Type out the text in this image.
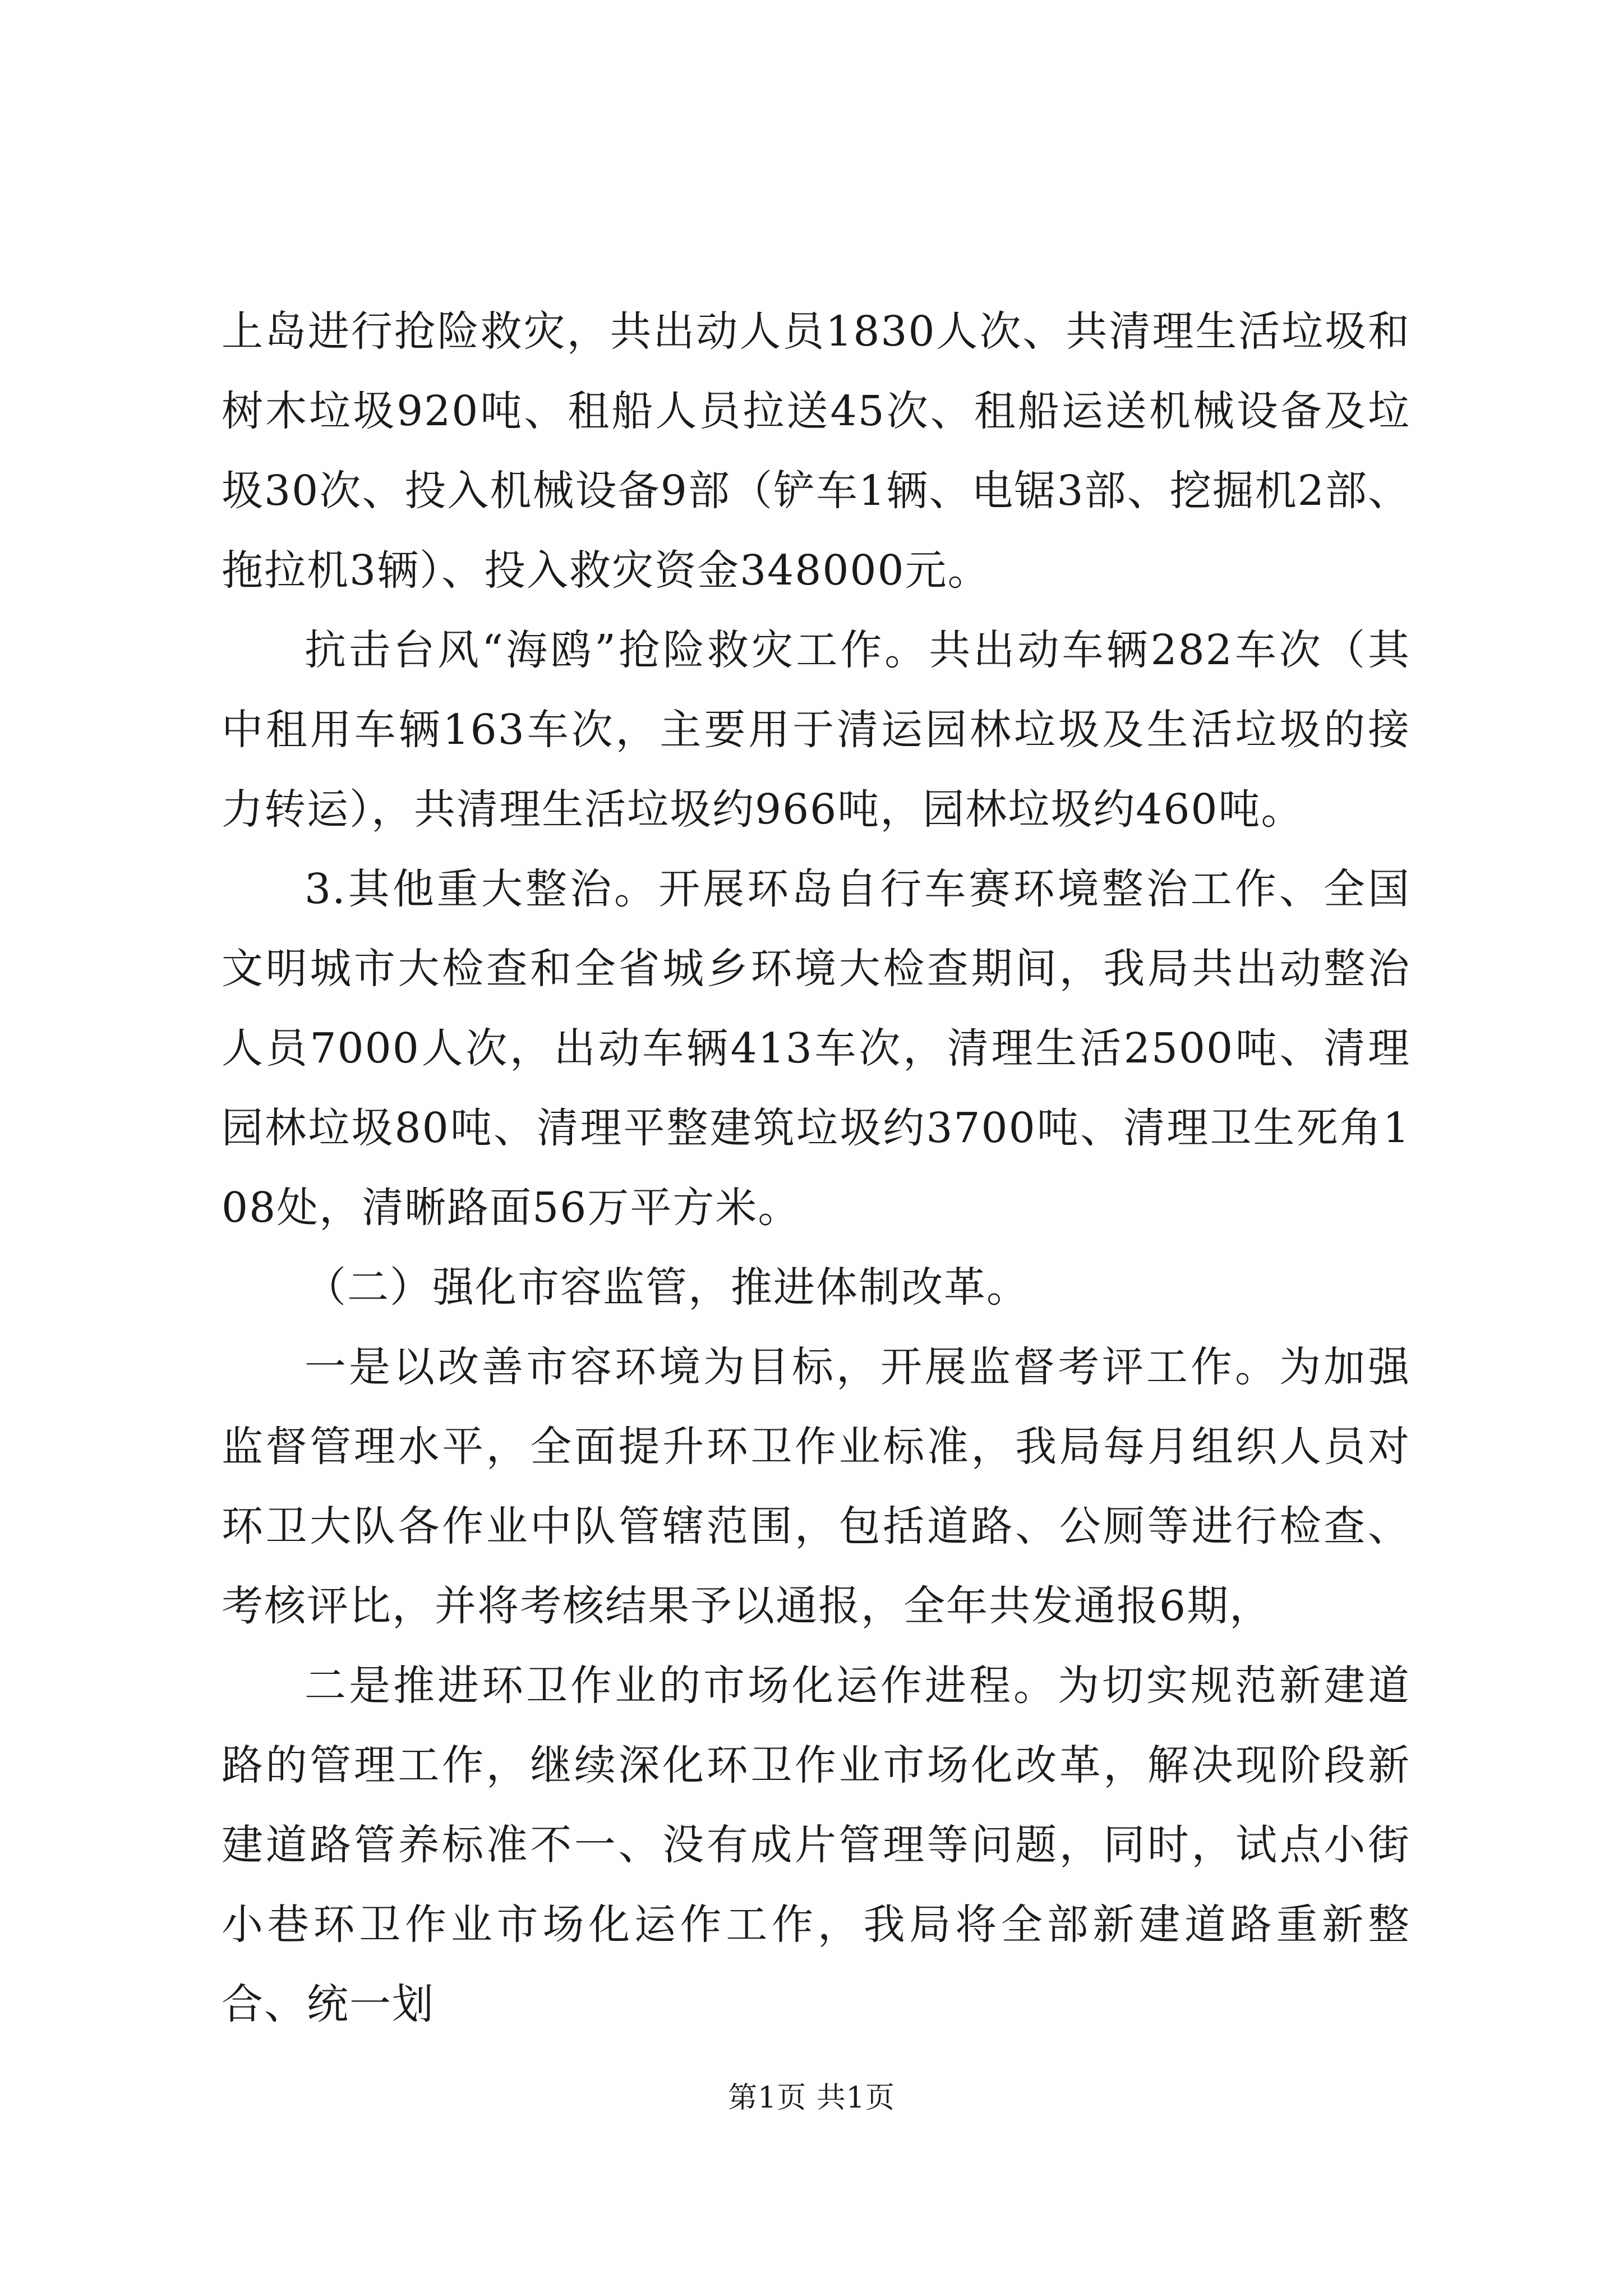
上岛进行抢险救灾，共出动人员1830人次、共清理生活垃圾和树木垃圾920吨、租船人员拉送45次、租船运送机械设备及垃圾30次、投入机械设备9部（铲车1辆、电锯3部、挖掘机2部、拖拉机3辆）、投入救灾资金348000元。

抗击台风“海鸥”抢险救灾工作。共出动车辆282车次（其中租用车辆163车次，主要用于清运园林垃圾及生活垃圾的接力转运），共清理生活垃圾约966吨，园林垃圾约460吨。

3.其他重大整治。开展环岛自行车赛环境整治工作、全国文明城市大检查和全省城乡环境大检查期间，我局共出动整治人员7000人次，出动车辆413车次，清理生活2500吨、清理园林垃圾80吨、清理平整建筑垃圾约3700吨、清理卫生死角108处，清晰路面56万平方米。

（二）强化市容监管，推进体制改革。

一是以改善市容环境为目标，开展监督考评工作。为加强监督管理水平，全面提升环卫作业标准，我局每月组织人员对环卫大队各作业中队管辖范围，包括道路、公厕等进行检查、考核评比，并将考核结果予以通报，全年共发通报6期，

二是推进环卫作业的市场化运作进程。为切实规范新建道路的管理工作，继续深化环卫作业市场化改革，解决现阶段新建道路管养标准不一、没有成片管理等问题，同时，试点小街小巷环卫作业市场化运作工作，我局将全部新建道路重新整合、统一划

第1页 共1页
